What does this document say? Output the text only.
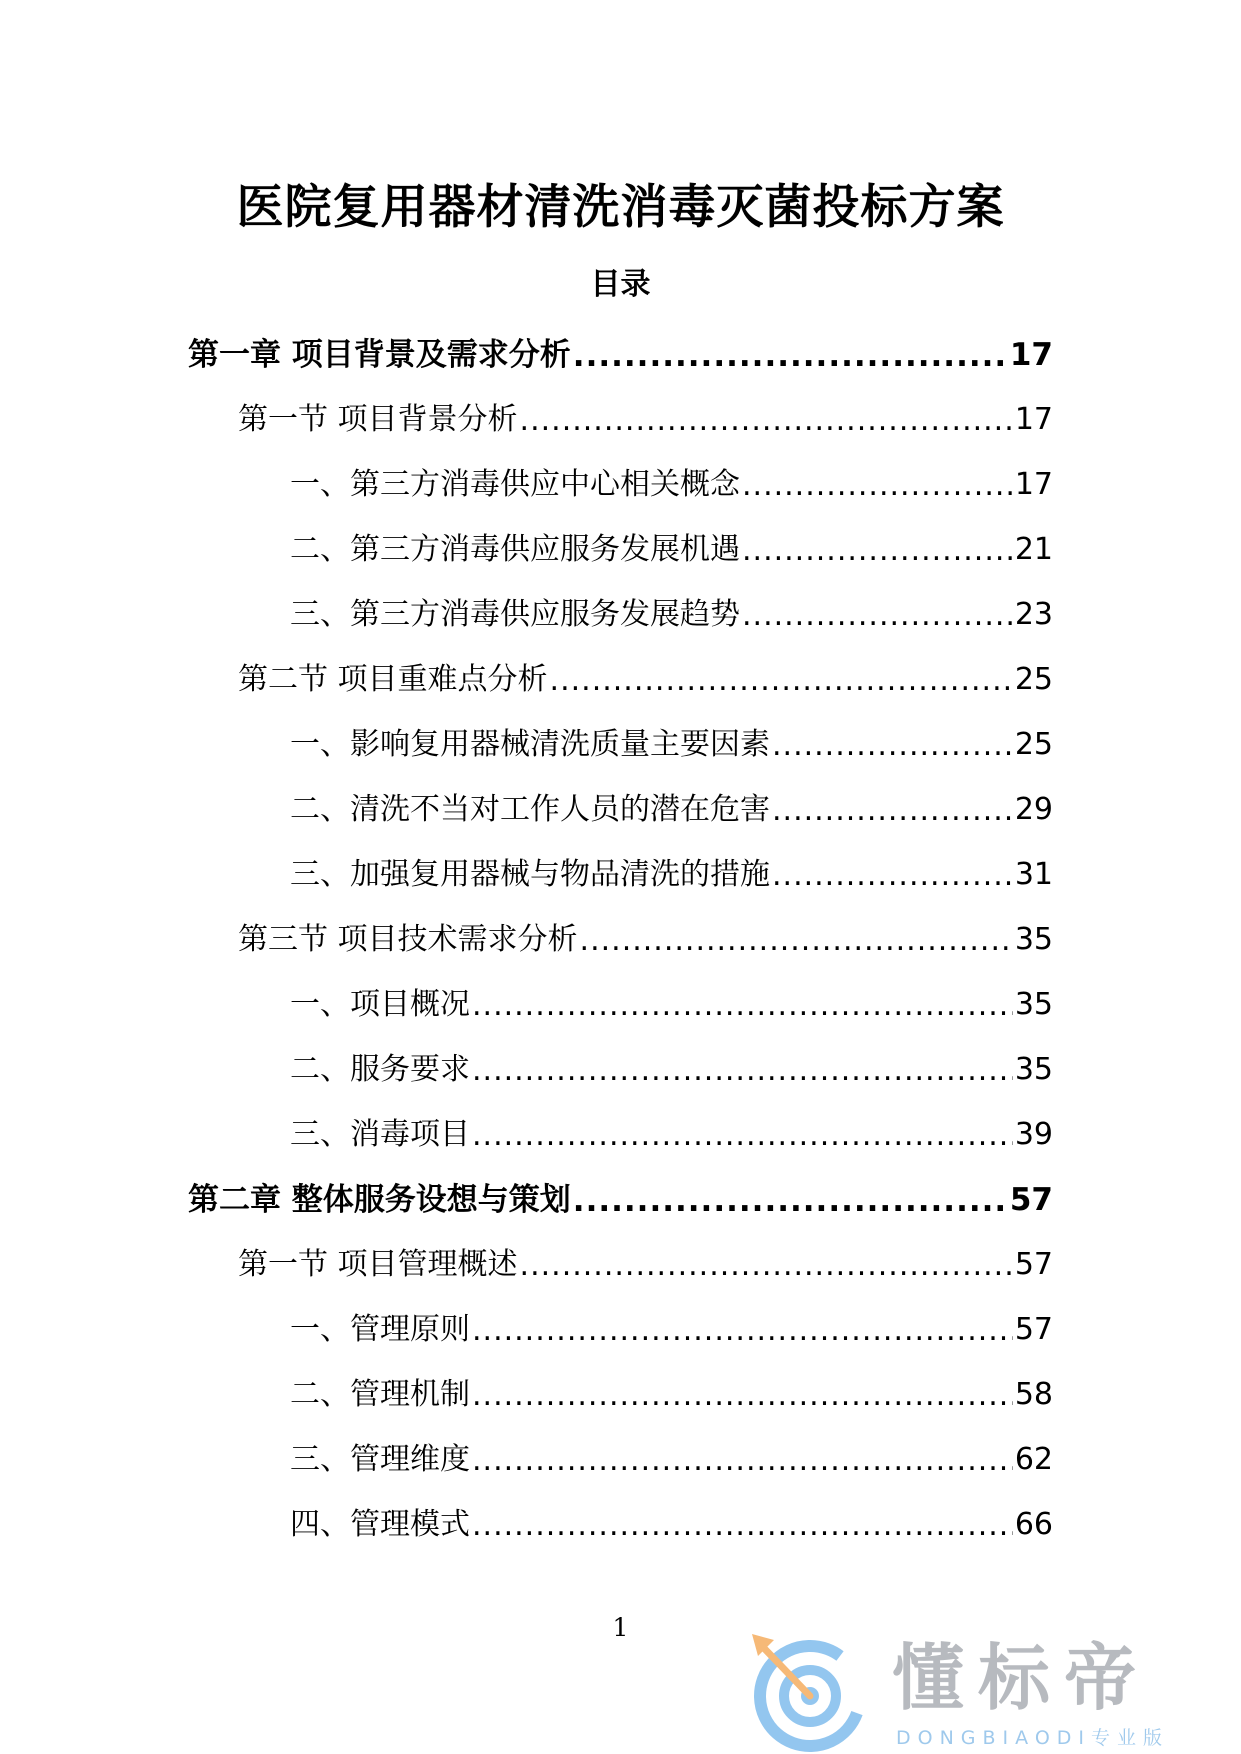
医院复用器材清洗消毒灭菌投标方案
目录
第一章 项目背景及需求分析 .....	17
第一节 项目背景分析 .....	17
一、第三方消毒供应中心相关概念 .....	17
二、第三方消毒供应服务发展机遇 .....	21
三、第三方消毒供应服务发展趋势 .....	23
第二节 项目重难点分析 .....	25
一、影响复用器械清洗质量主要因素 .....	25
二、清洗不当对工作人员的潜在危害 .....	29
三、加强复用器械与物品清洗的措施 .....	31
第三节 项目技术需求分析 .....	35
一、项目概况 .....	35
二、服务要求 .....	35
三、消毒项目 .....	39
第二章 整体服务设想与策划 .....	57
第一节 项目管理概述 .....	57
一、管理原则 .....	57
二、管理机制 .....	58
三、管理维度 .....	62
四、管理模式 .....	66
1
懂标帝
DONGBIAODI专业版
